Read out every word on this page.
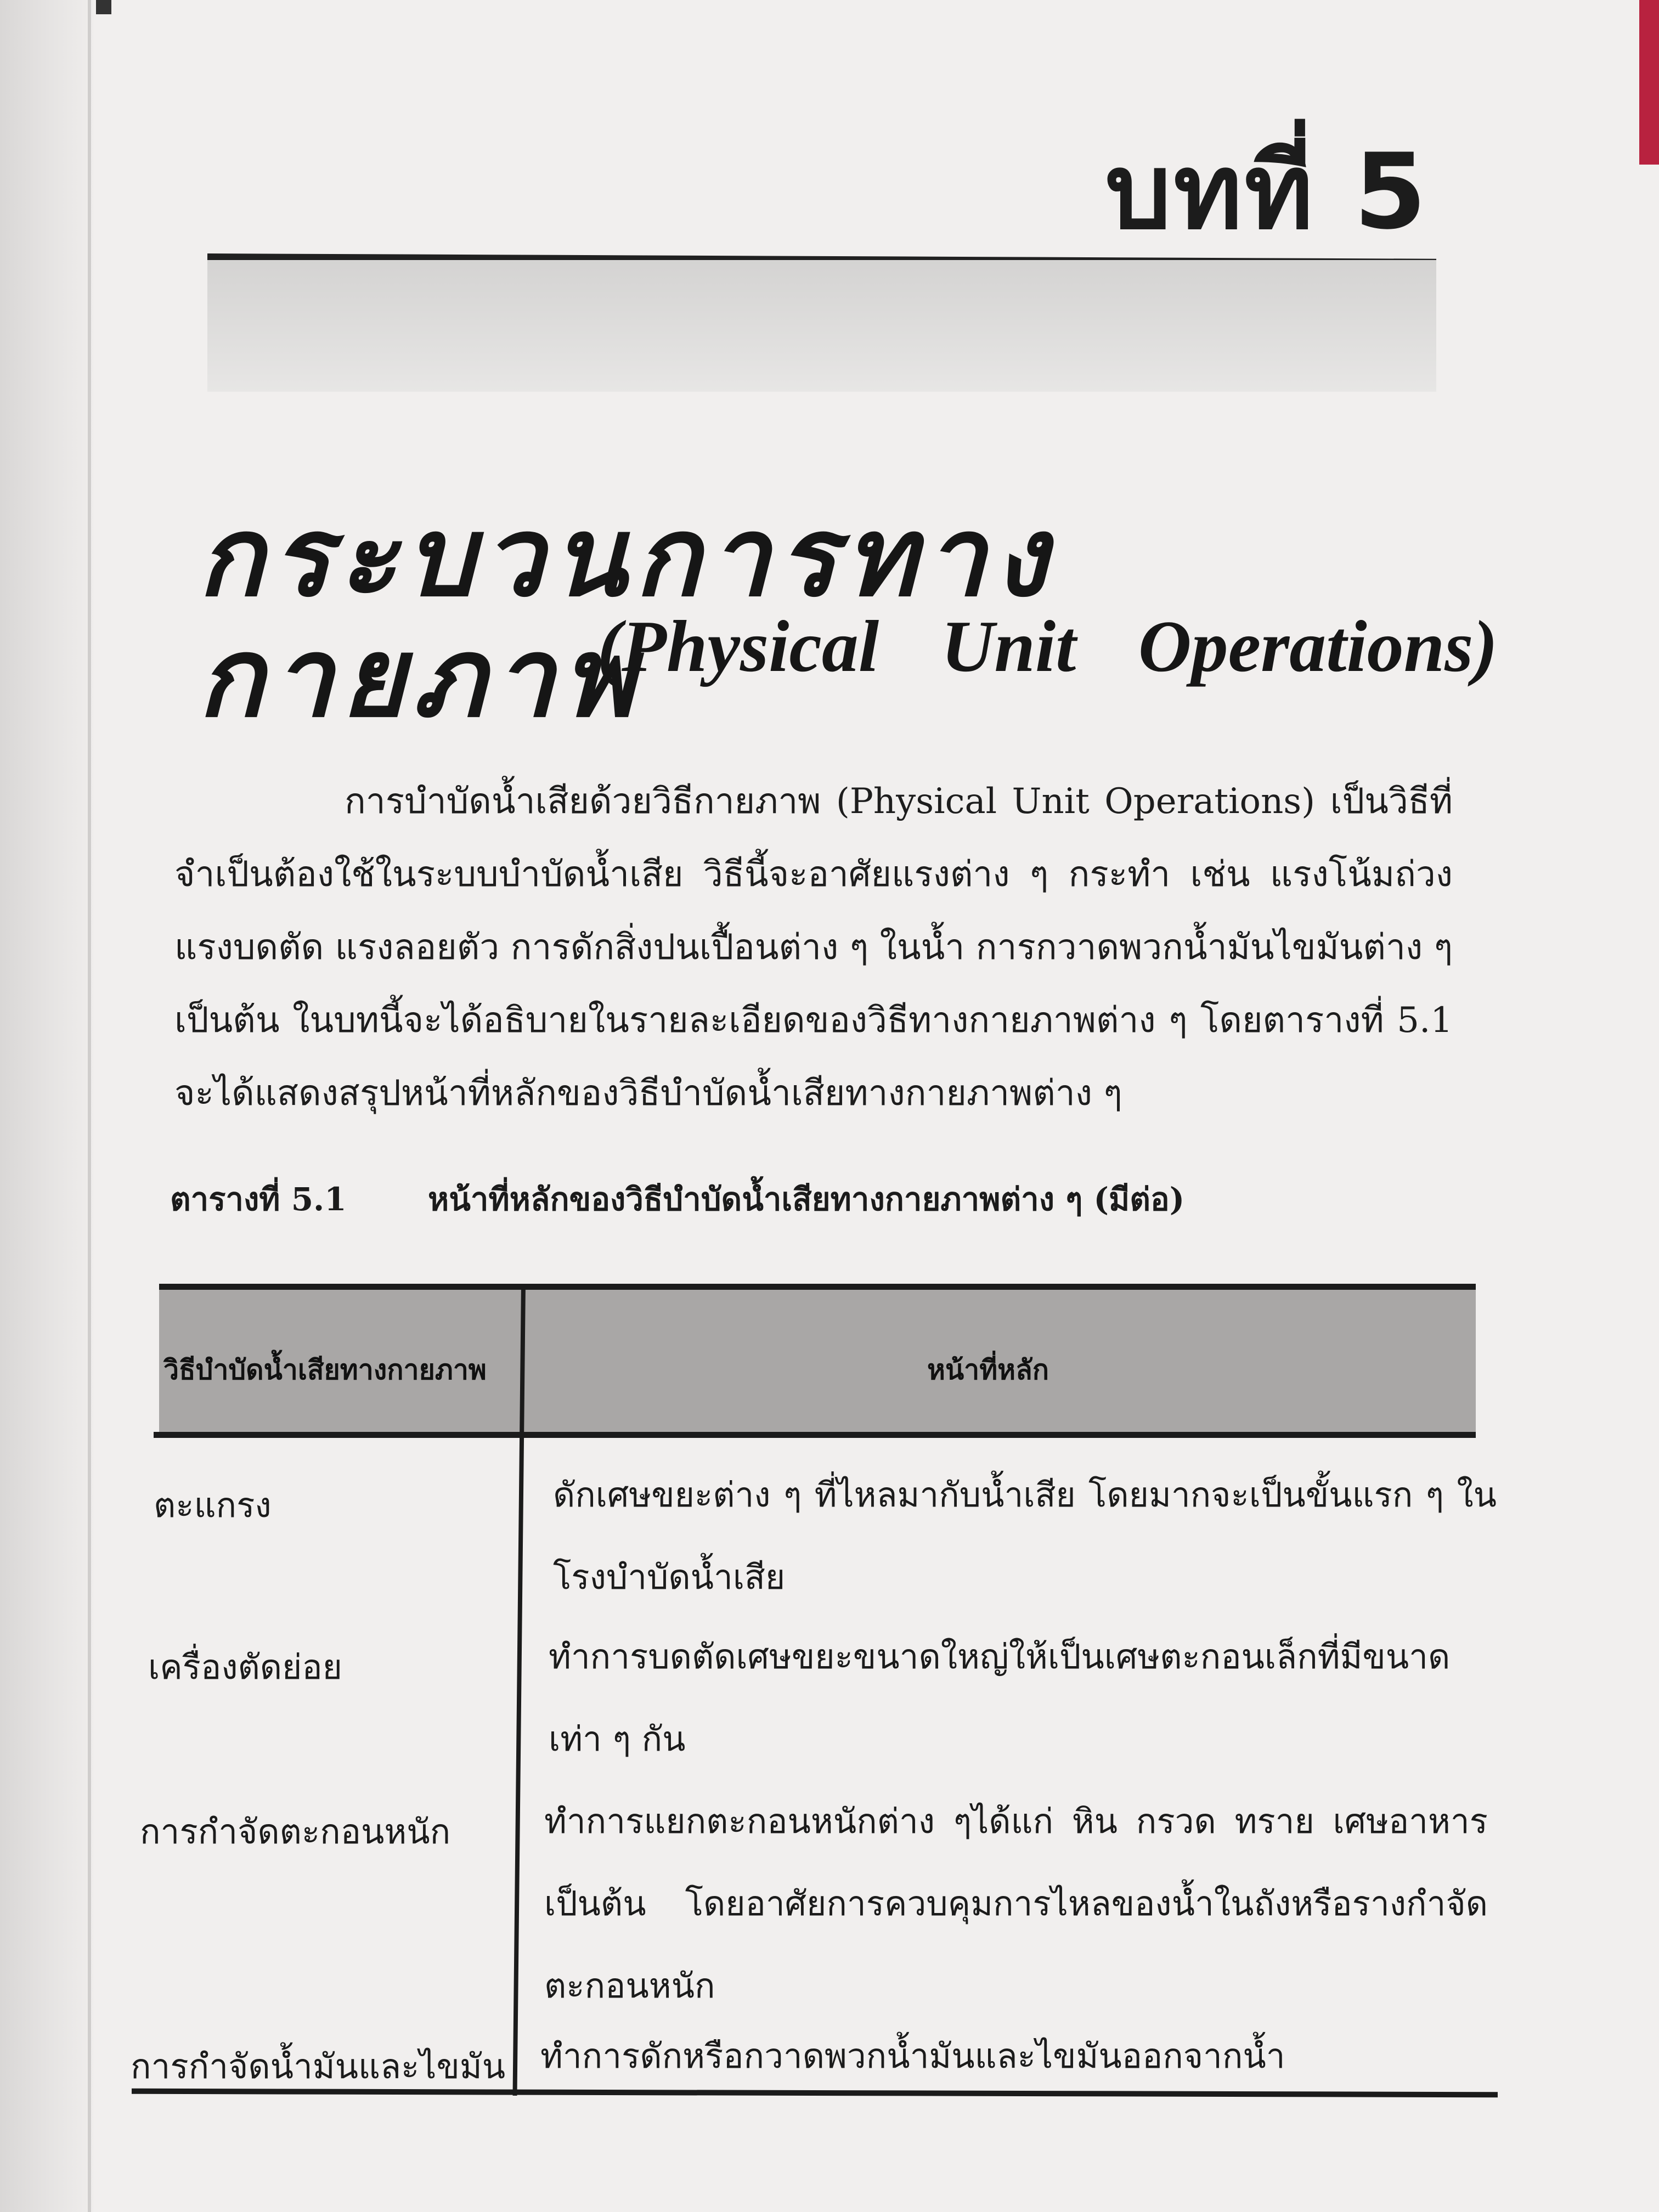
บทที่ 5
กระบวนการทางกายภาพ
(Physical Unit Operations)
การบำบัดน้ำเสียด้วยวิธีกายภาพ (Physical Unit Operations) เป็นวิธีที่จำเป็นต้องใช้ในระบบบำบัดน้ำเสีย วิธีนี้จะอาศัยแรงต่าง ๆ กระทำ เช่น แรงโน้มถ่วง แรงบดตัด แรงลอยตัว การดักสิ่งปนเปื้อนต่าง ๆ ในน้ำ การกวาดพวกน้ำมันไขมันต่าง ๆ เป็นต้น ในบทนี้จะได้อธิบายในรายละเอียดของวิธีทางกายภาพต่าง ๆ โดยตารางที่ 5.1 จะได้แสดงสรุปหน้าที่หลักของวิธีบำบัดน้ำเสียทางกายภาพต่าง ๆ
ตารางที่ 5.1	หน้าที่หลักของวิธีบำบัดน้ำเสียทางกายภาพต่าง ๆ (มีต่อ)
วิธีบำบัดน้ำเสียทางกายภาพ	หน้าที่หลัก
ตะแกรง	ดักเศษขยะต่าง ๆ ที่ไหลมากับน้ำเสีย โดยมากจะเป็นขั้นแรก ๆ ในโรงบำบัดน้ำเสีย
เครื่องตัดย่อย	ทำการบดตัดเศษขยะขนาดใหญ่ให้เป็นเศษตะกอนเล็กที่มีขนาดเท่า ๆ กัน
การกำจัดตะกอนหนัก	ทำการแยกตะกอนหนักต่าง ๆได้แก่ หิน กรวด ทราย เศษอาหาร เป็นต้น โดยอาศัยการควบคุมการไหลของน้ำในถังหรือรางกำจัดตะกอนหนัก
การกำจัดน้ำมันและไขมัน ทำการดักหรือกวาดพวกน้ำมันและไขมันออกจากน้ำ
